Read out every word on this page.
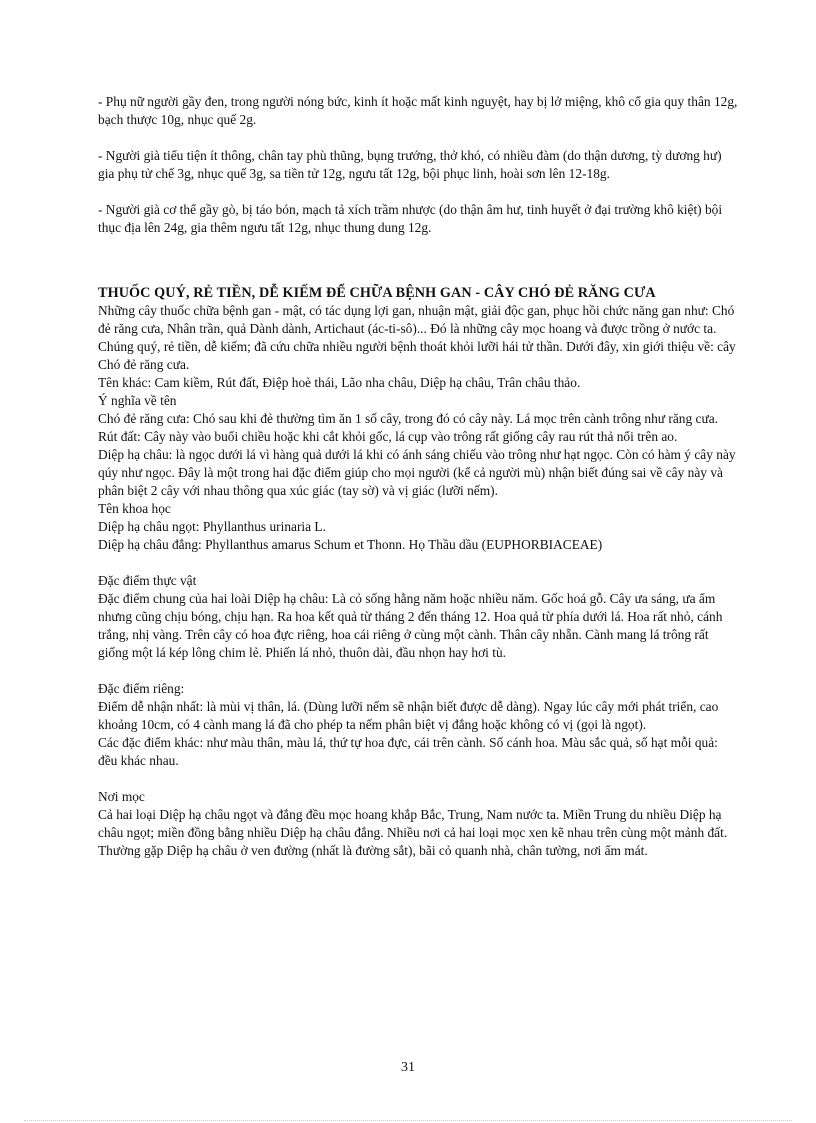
- Phụ nữ người gầy đen, trong người nóng bức, kinh ít hoặc mất kinh nguyệt, hay bị lở miệng, khô cổ gia quy thân 12g, bạch thược 10g, nhục quế 2g.

- Người già tiểu tiện ít thông, chân tay phù thũng, bụng trướng, thở khó, có nhiều đàm (do thận dương, tỳ dương hư) gia phụ tử chế 3g, nhục quế 3g, sa tiền tử 12g, ngưu tất 12g, bội phục linh, hoài sơn lên 12-18g.

- Người già cơ thể gầy gò, bị táo bón, mạch tả xích trầm nhược (do thận âm hư, tinh huyết ở đại trường khô kiệt) bội thục địa lên 24g, gia thêm ngưu tất 12g, nhục thung dung 12g.

THUỐC QUÝ, RẺ TIỀN, DỄ KIẾM ĐỂ CHỮA BỆNH GAN - CÂY CHÓ ĐẺ RĂNG CƯA

Những cây thuốc chữa bệnh gan - mật, có tác dụng lợi gan, nhuận mật, giải độc gan, phục hồi chức năng gan như: Chó đẻ răng cưa, Nhân trần, quả Dành dành, Artichaut (ác-ti-sô)... Đó là những cây mọc hoang và được trồng ở nước ta. Chúng quý, rẻ tiền, dễ kiếm; đã cứu chữa nhiều người bệnh thoát khỏi lưỡi hái tử thần. Dưới đây, xin giới thiệu về: cây Chó đẻ răng cưa.

Tên khác: Cam kiềm, Rút đất, Điệp hoè thái, Lão nha châu, Diệp hạ châu, Trân châu thảo.

Ý nghĩa về tên

Chó đẻ răng cưa: Chó sau khi đẻ thường tìm ăn 1 số cây, trong đó có cây này. Lá mọc trên cành trông như răng cưa.

Rút đất: Cây này vào buổi chiều hoặc khi cắt khỏi gốc, lá cụp vào trông rất giống cây rau rút thả nổi trên ao.

Diệp hạ châu: là ngọc dưới lá vì hàng quả dưới lá khi có ánh sáng chiếu vào trông như hạt ngọc. Còn có hàm ý cây này qúy như ngọc. Đây là một trong hai đặc điểm giúp cho mọi người (kể cả người mù) nhận biết đúng sai về cây này và phân biệt 2 cây với nhau thông qua xúc giác (tay sờ) và vị giác (lưỡi nếm).

Tên khoa học

Diệp hạ châu ngọt: Phyllanthus urinaria L.

Diệp hạ châu đắng: Phyllanthus amarus Schum et Thonn. Họ Thầu dầu (EUPHORBIACEAE)

Đặc điểm thực vật

Đặc điểm chung của hai loài Diệp hạ châu: Là cỏ sống hằng năm hoặc nhiều năm. Gốc hoá gỗ. Cây ưa sáng, ưa ẩm nhưng cũng chịu bóng, chịu hạn. Ra hoa kết quả từ tháng 2 đến tháng 12. Hoa quả từ phía dưới lá. Hoa rất nhỏ, cánh trắng, nhị vàng. Trên cây có hoa đực riêng, hoa cái riêng ở cùng một cành. Thân cây nhẵn. Cành mang lá trông rất giống một lá kép lông chim lẻ. Phiến lá nhỏ, thuôn dài, đầu nhọn hay hơi tù.

Đặc điểm riêng:

Điểm dễ nhận nhất: là mùi vị thân, lá. (Dùng lưỡi nếm sẽ nhận biết được dễ dàng). Ngay lúc cây mới phát triển, cao khoảng 10cm, có 4 cành mang lá đã cho phép ta nếm phân biệt vị đắng hoặc không có vị (gọi là ngọt).

Các đặc điểm khác: như màu thân, màu lá, thứ tự hoa đực, cái trên cành. Số cánh hoa. Màu sắc quả, số hạt mỗi quả: đều khác nhau.

Nơi mọc

Cả hai loại Diệp hạ châu ngọt và đắng đều mọc hoang khắp Bắc, Trung, Nam nước ta. Miền Trung du nhiều Diệp hạ châu ngọt; miền đồng bằng nhiều Diệp hạ châu đắng. Nhiều nơi cả hai loại mọc xen kẽ nhau trên cùng một mảnh đất.

Thường gặp Diệp hạ châu ở ven đường (nhất là đường sắt), bãi cỏ quanh nhà, chân tường, nơi ẩm mát.

31
